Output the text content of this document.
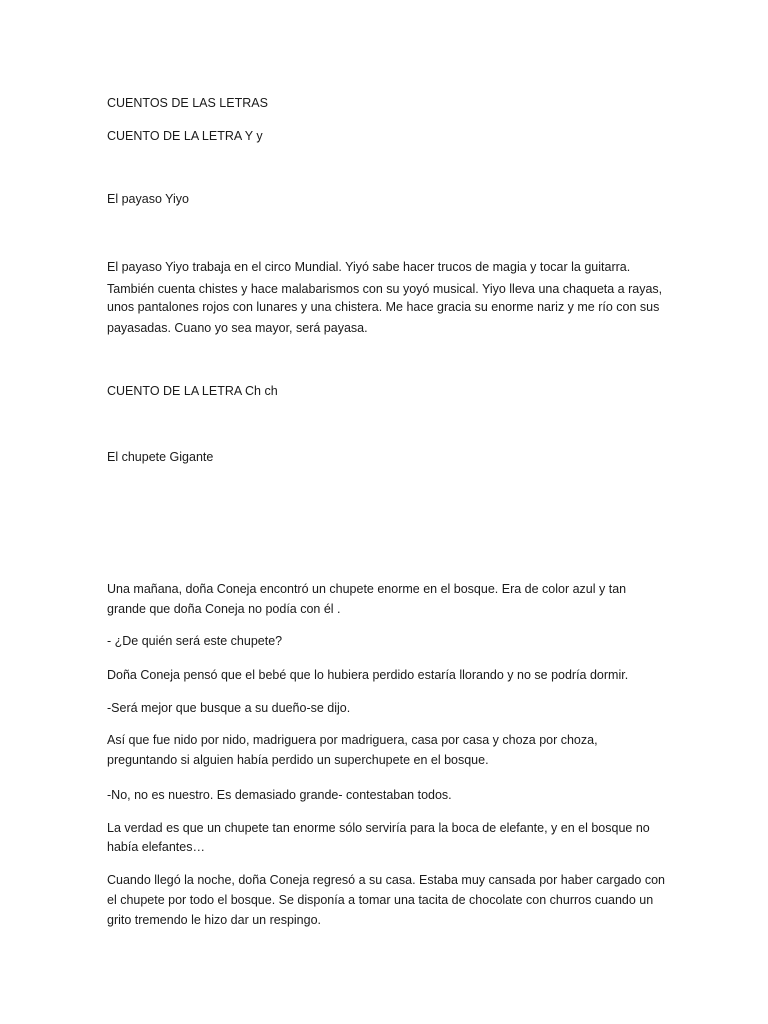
CUENTOS DE LAS LETRAS

CUENTO DE LA LETRA Y y

El payaso Yiyo

El payaso Yiyo trabaja en el circo Mundial. Yiyó sabe hacer trucos de magia y tocar la guitarra.

También cuenta chistes y hace malabarismos con su yoyó musical. Yiyo lleva una chaqueta a rayas,

unos pantalones rojos con lunares y una chistera. Me hace gracia su enorme nariz y me río con sus

payasadas. Cuano yo sea mayor, será payasa.

CUENTO DE LA LETRA Ch ch

El chupete Gigante

Una mañana, doña Coneja encontró un chupete enorme en el bosque. Era de color azul y tan

grande que doña Coneja no podía con él .

- ¿De quién será este chupete?

Doña Coneja pensó que el bebé que lo hubiera perdido estaría llorando y no se podría dormir.

-Será mejor que busque a su dueño-se dijo.

Así que fue nido por nido, madriguera por madriguera, casa por casa y choza por choza,

preguntando si alguien había perdido un superchupete en el bosque.

-No, no es nuestro. Es demasiado grande- contestaban todos.

La verdad es que un chupete tan enorme sólo serviría para la boca de elefante, y en el bosque no

había elefantes…

Cuando llegó la noche, doña Coneja regresó a su casa. Estaba muy cansada por haber cargado con

el chupete por todo el bosque. Se disponía a tomar una tacita de chocolate con churros cuando un

grito tremendo le hizo dar un respingo.
